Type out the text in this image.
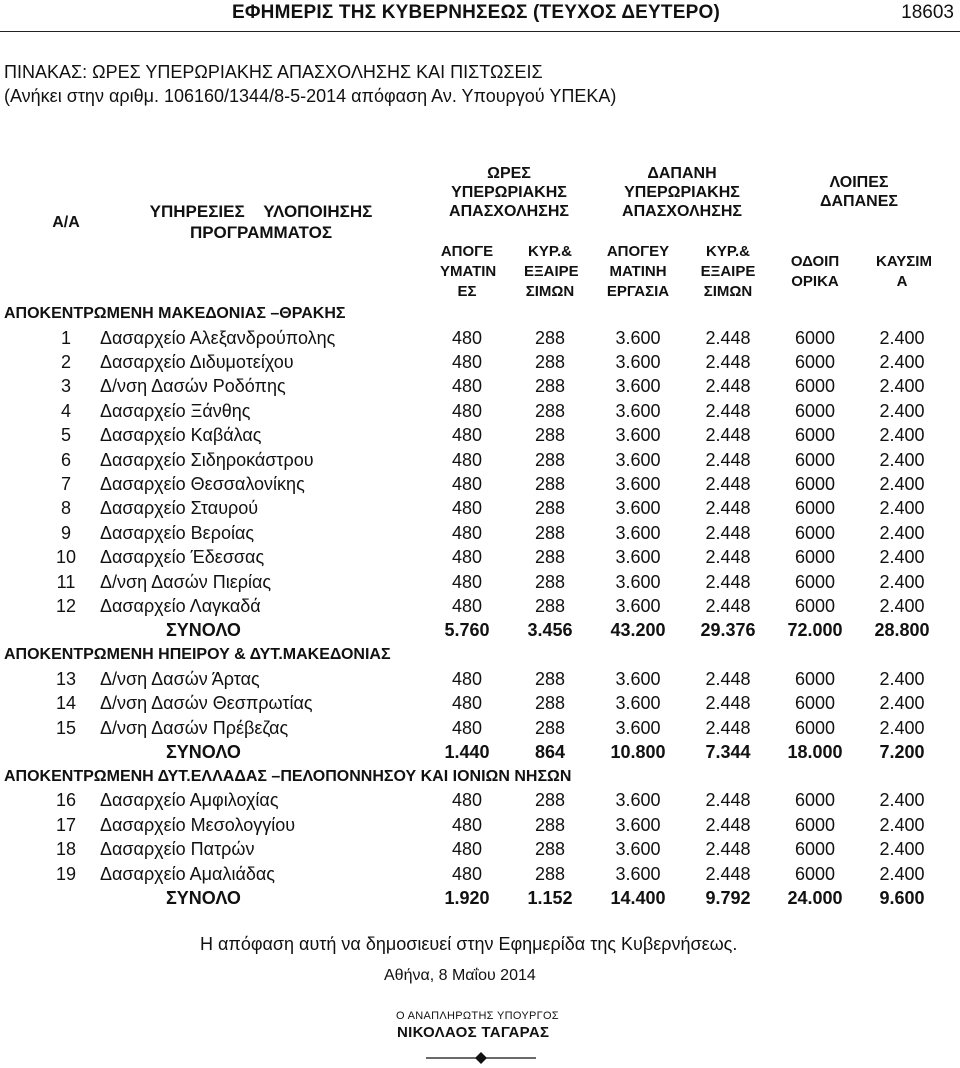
ΕΦΗΜΕΡΙΣ ΤΗΣ ΚΥΒΕΡΝΗΣΕΩΣ (ΤΕΥΧΟΣ ΔΕΥΤΕΡΟ)	18603
ΠΙΝΑΚΑΣ: ΩΡΕΣ ΥΠΕΡΩΡΙΑΚΗΣ ΑΠΑΣΧΟΛΗΣΗΣ ΚΑΙ ΠΙΣΤΩΣΕΙΣ
(Ανήκει στην αριθμ. 106160/1344/8-5-2014 απόφαση Αν. Υπουργού ΥΠΕΚΑ)
Α/Α	ΥΠΗΡΕΣΙΕΣ    ΥΛΟΠΟΙΗΣΗΣ ΠΡΟΓΡΑΜΜΑΤΟΣ	ΩΡΕΣ ΥΠΕΡΩΡΙΑΚΗΣ ΑΠΑΣΧΟΛΗΣΗΣ	ΔΑΠΑΝΗ ΥΠΕΡΩΡΙΑΚΗΣ ΑΠΑΣΧΟΛΗΣΗΣ	ΛΟΙΠΕΣ ΔΑΠΑΝΕΣ
ΑΠΟΓΕ ΥΜΑΤΙΝ ΕΣ	ΚΥΡ.& ΕΞΑΙΡΕ ΣΙΜΩΝ	ΑΠΟΓΕΥ ΜΑΤΙΝΗ ΕΡΓΑΣΙΑ	ΚΥΡ.& ΕΞΑΙΡΕ ΣΙΜΩΝ	ΟΔΟΙΠ ΟΡΙΚΑ	ΚΑΥΣΙΜ Α
ΑΠΟΚΕΝΤΡΩΜΕΝΗ ΜΑΚΕΔΟΝΙΑΣ –ΘΡΑΚΗΣ
1	Δασαρχείο Αλεξανδρούπολης	480	288	3.600	2.448	6000	2.400
2	Δασαρχείο Διδυμοτείχου	480	288	3.600	2.448	6000	2.400
3	Δ/νση Δασών Ροδόπης	480	288	3.600	2.448	6000	2.400
4	Δασαρχείο Ξάνθης	480	288	3.600	2.448	6000	2.400
5	Δασαρχείο Καβάλας	480	288	3.600	2.448	6000	2.400
6	Δασαρχείο Σιδηροκάστρου	480	288	3.600	2.448	6000	2.400
7	Δασαρχείο Θεσσαλονίκης	480	288	3.600	2.448	6000	2.400
8	Δασαρχείο Σταυρού	480	288	3.600	2.448	6000	2.400
9	Δασαρχείο Βεροίας	480	288	3.600	2.448	6000	2.400
10	Δασαρχείο Έδεσσας	480	288	3.600	2.448	6000	2.400
11	Δ/νση Δασών Πιερίας	480	288	3.600	2.448	6000	2.400
12	Δασαρχείο Λαγκαδά	480	288	3.600	2.448	6000	2.400
	ΣΥΝΟΛΟ	5.760	3.456	43.200	29.376	72.000	28.800
ΑΠΟΚΕΝΤΡΩΜΕΝΗ ΗΠΕΙΡΟΥ & ΔΥΤ.ΜΑΚΕΔΟΝΙΑΣ
13	Δ/νση Δασών Άρτας	480	288	3.600	2.448	6000	2.400
14	Δ/νση Δασών Θεσπρωτίας	480	288	3.600	2.448	6000	2.400
15	Δ/νση Δασών Πρέβεζας	480	288	3.600	2.448	6000	2.400
	ΣΥΝΟΛΟ	1.440	864	10.800	7.344	18.000	7.200
ΑΠΟΚΕΝΤΡΩΜΕΝΗ ΔΥΤ.ΕΛΛΑΔΑΣ –ΠΕΛΟΠΟΝΝΗΣΟΥ ΚΑΙ ΙΟΝΙΩΝ ΝΗΣΩΝ
16	Δασαρχείο Αμφιλοχίας	480	288	3.600	2.448	6000	2.400
17	Δασαρχείο Μεσολογγίου	480	288	3.600	2.448	6000	2.400
18	Δασαρχείο Πατρών	480	288	3.600	2.448	6000	2.400
19	Δασαρχείο Αμαλιάδας	480	288	3.600	2.448	6000	2.400
	ΣΥΝΟΛΟ	1.920	1.152	14.400	9.792	24.000	9.600
Η απόφαση αυτή να δημοσιευεί στην Εφημερίδα της Κυβερνήσεως.
Αθήνα, 8 Μαΐου 2014
Ο ΑΝΑΠΛΗΡΩΤΗΣ ΥΠΟΥΡΓΟΣ
ΝΙΚΟΛΑΟΣ ΤΑΓΑΡΑΣ
